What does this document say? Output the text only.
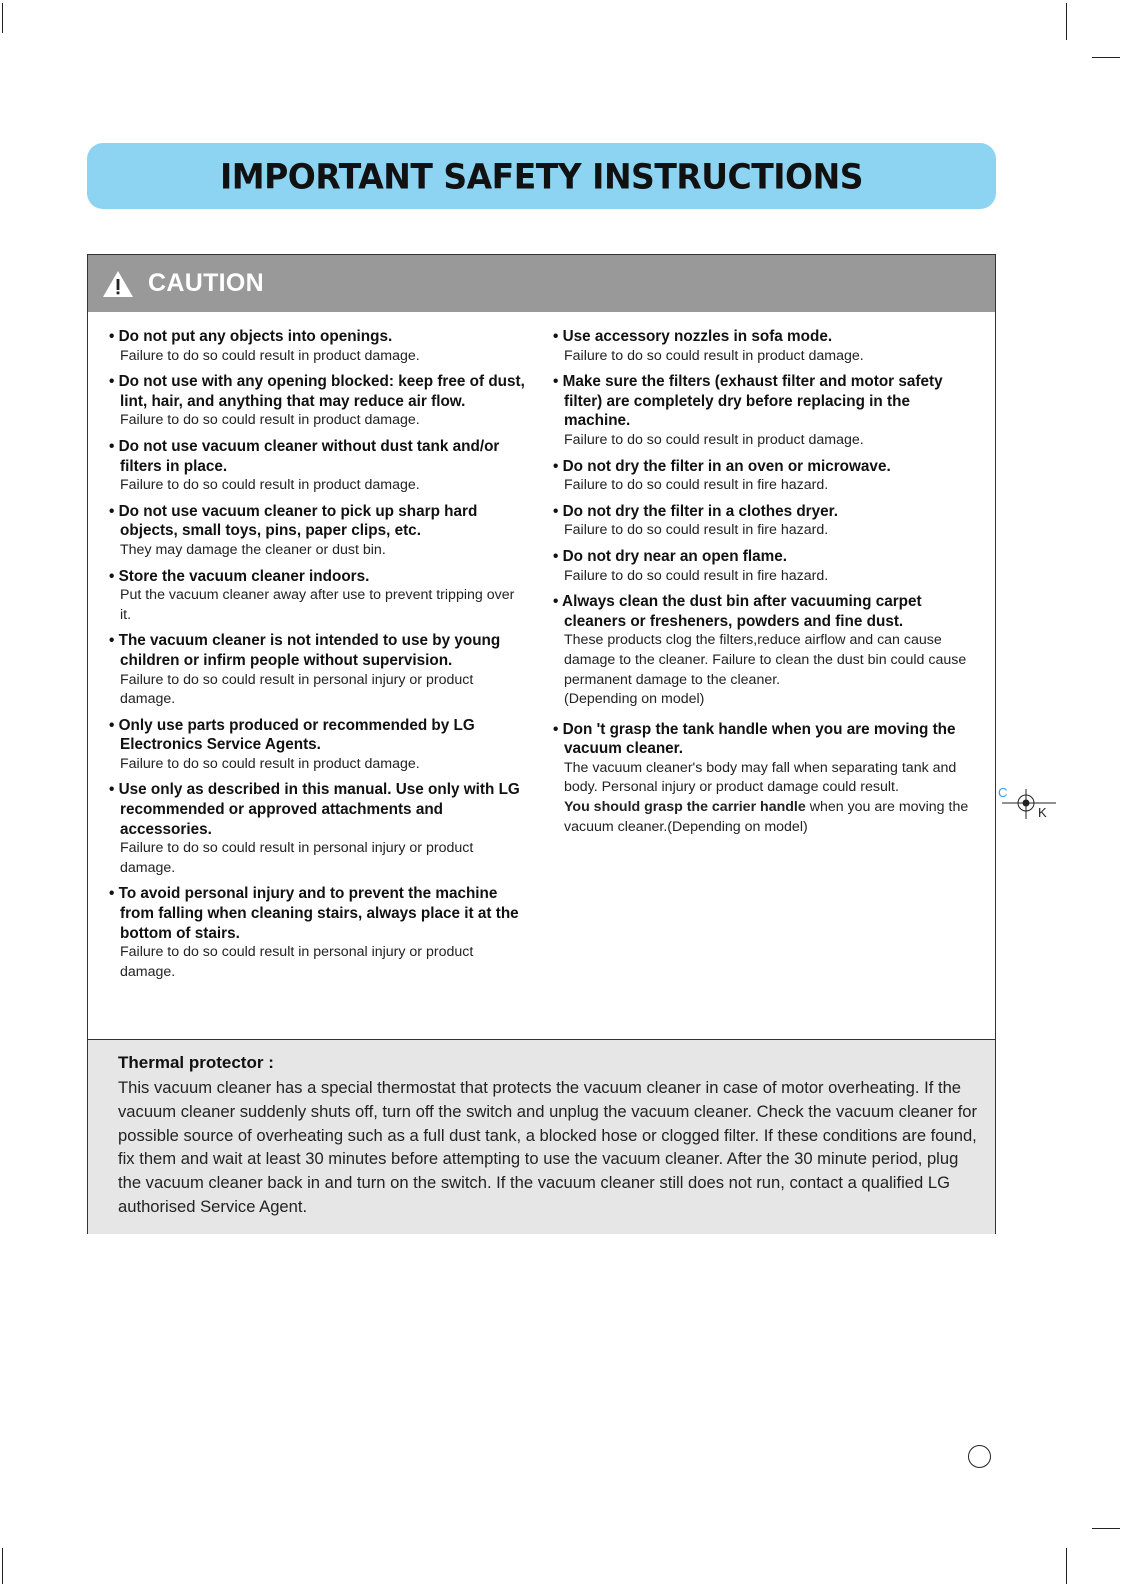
IMPORTANT SAFETY INSTRUCTIONS
CAUTION
• Do not put any objects into openings.
Failure to do so could result in product damage.
• Do not use with any opening blocked: keep free of dust, lint, hair, and anything that may reduce air flow.
Failure to do so could result in product damage.
• Do not use vacuum cleaner without dust tank and/or filters in place.
Failure to do so could result in product damage.
• Do not use vacuum cleaner to pick up sharp hard objects, small toys, pins, paper clips, etc.
They may damage the cleaner or dust bin.
• Store the vacuum cleaner indoors.
Put the vacuum cleaner away after use to prevent tripping over it.
• The vacuum cleaner is not intended to use by young children or infirm people without supervision.
Failure to do so could result in personal injury or product damage.
• Only use parts produced or recommended by LG Electronics Service Agents.
Failure to do so could result in product damage.
• Use only as described in this manual. Use only with LG recommended or approved attachments and accessories.
Failure to do so could result in personal injury or product damage.
• To avoid personal injury and to prevent the machine from falling when cleaning stairs, always place it at the bottom of stairs.
Failure to do so could result in personal injury or product damage.
• Use accessory nozzles in sofa mode.
Failure to do so could result in product damage.
• Make sure the filters (exhaust filter and motor safety filter) are completely dry before replacing in the machine.
Failure to do so could result in product damage.
• Do not dry the filter in an oven or microwave.
Failure to do so could result in fire hazard.
• Do not dry the filter in a clothes dryer.
Failure to do so could result in fire hazard.
• Do not dry near an open flame.
Failure to do so could result in fire hazard.
• Always clean the dust bin after vacuuming carpet cleaners or fresheners, powders and fine dust.
These products clog the filters,reduce airflow and can cause damage to the cleaner. Failure to clean the dust bin could cause permanent damage to the cleaner.
(Depending on model)
• Don 't grasp the tank handle when you are moving the vacuum cleaner.
The vacuum cleaner's body may fall when separating tank and body. Personal injury or product damage could result.
You should grasp the carrier handle when you are moving the vacuum cleaner.(Depending on model)
Thermal protector :
This vacuum cleaner has a special thermostat that protects the vacuum cleaner in case of motor overheating. If the vacuum cleaner suddenly shuts off, turn off the switch and unplug the vacuum cleaner. Check the vacuum cleaner for possible source of overheating such as a full dust tank, a blocked hose or clogged filter. If these conditions are found, fix them and wait at least 30 minutes before attempting to use the vacuum cleaner. After the 30 minute period, plug the vacuum cleaner back in and turn on the switch. If the vacuum cleaner still does not run, contact a qualified LG authorised Service Agent.
C
K
